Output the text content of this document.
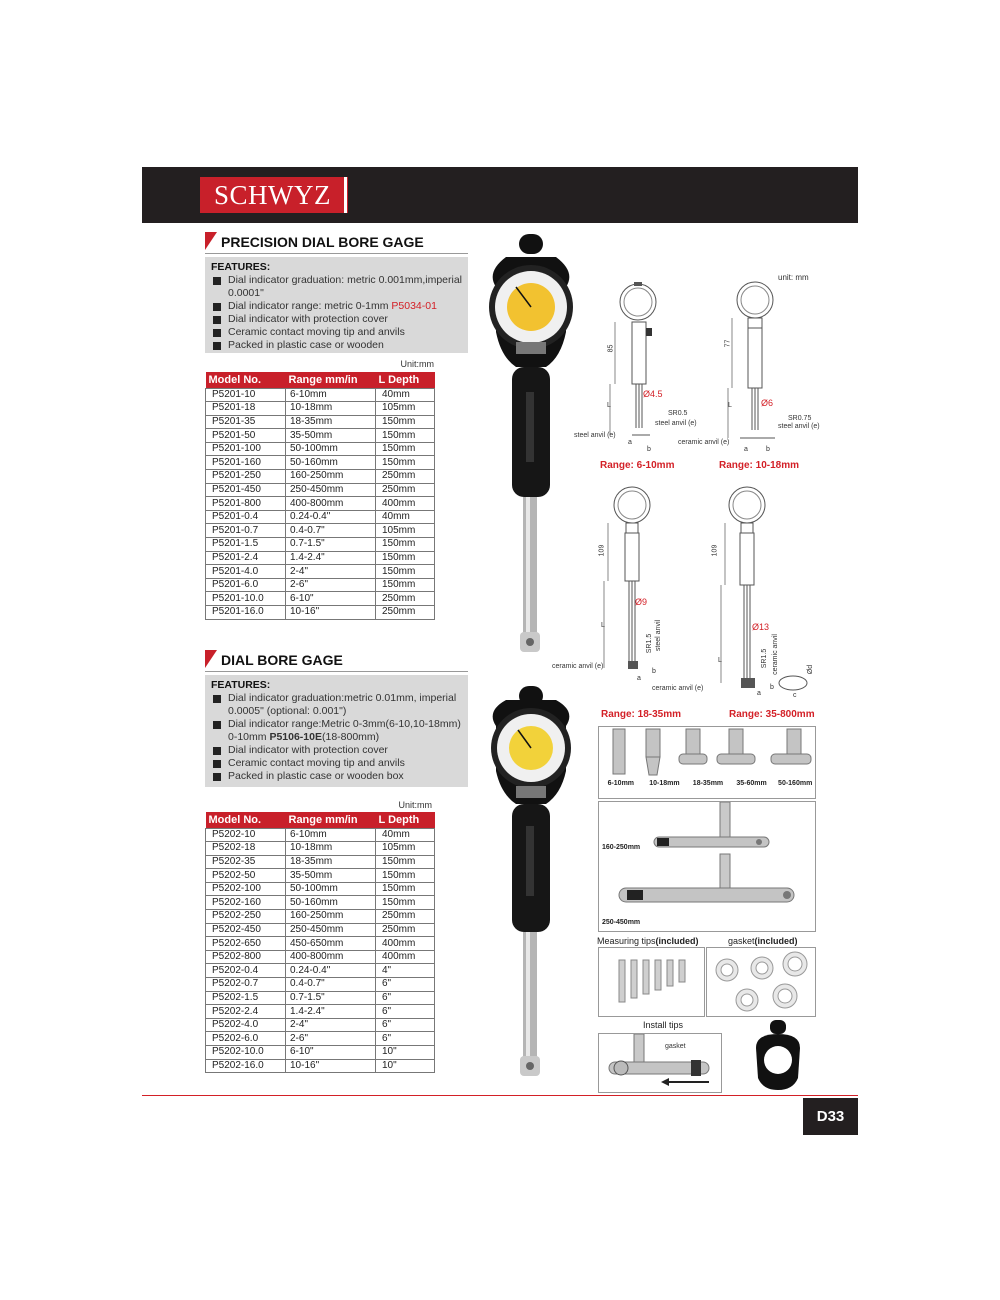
SCHWYZ
PRECISION DIAL BORE GAGE
FEATURES:
Dial indicator graduation: metric 0.001mm,imperial 0.0001"
Dial indicator range: metric 0-1mm P5034-01
Dial indicator with protection cover
Ceramic contact moving tip and anvils
Packed in plastic case or wooden
Unit:mm
Model No.	Range mm/in	L Depth
P5201-10	6-10mm	40mm
P5201-18	10-18mm	105mm
P5201-35	18-35mm	150mm
P5201-50	35-50mm	150mm
P5201-100	50-100mm	150mm
P5201-160	50-160mm	150mm
P5201-250	160-250mm	250mm
P5201-450	250-450mm	250mm
P5201-800	400-800mm	400mm
P5201-0.4	0.24-0.4"	40mm
P5201-0.7	0.4-0.7"	105mm
P5201-1.5	0.7-1.5"	150mm
P5201-2.4	1.4-2.4"	150mm
P5201-4.0	2-4"	150mm
P5201-6.0	2-6"	150mm
P5201-10.0	6-10"	250mm
P5201-16.0	10-16"	250mm
DIAL BORE GAGE
FEATURES:
Dial indicator graduation:metric 0.01mm, imperial 0.0005" (optional: 0.001")
Dial indicator range:Metric 0-3mm(6-10,10-18mm) 0-10mm P5106-10E(18-800mm)
Dial indicator with protection cover
Ceramic contact moving tip and anvils
Packed in plastic case or wooden box
Unit:mm
Model No.	Range mm/in	L Depth
P5202-10	6-10mm	40mm
P5202-18	10-18mm	105mm
P5202-35	18-35mm	150mm
P5202-50	35-50mm	150mm
P5202-100	50-100mm	150mm
P5202-160	50-160mm	150mm
P5202-250	160-250mm	250mm
P5202-450	250-450mm	250mm
P5202-650	450-650mm	400mm
P5202-800	400-800mm	400mm
P5202-0.4	0.24-0.4"	4"
P5202-0.7	0.4-0.7"	6"
P5202-1.5	0.7-1.5"	6"
P5202-2.4	1.4-2.4"	6"
P5202-4.0	2-4"	6"
P5202-6.0	2-6"	6"
P5202-10.0	6-10"	10"
P5202-16.0	10-16"	10"
unit: mm
85
Ø4.5
L
SR0.5
steel anvil (e)
steel anvil (e)
a
b
Range: 6-10mm
77
Ø6
L
SR0.75
steel anvil (e)
ceramic anvil (e)
a	b
Range: 10-18mm
109
Ø9
L
SR1.5 steel anvil
ceramic anvil (e)
a
b
Range: 18-35mm
109
Ø13
L	SR1.5 ceramic anvil	Ød
ceramic anvil (e)
a
b
c
Range: 35-800mm
6-10mm	10-18mm	18-35mm	35-60mm	50-160mm
160-250mm
250-450mm
Measuring tips(included)	gasket(included)
Install tips
gasket
D33
